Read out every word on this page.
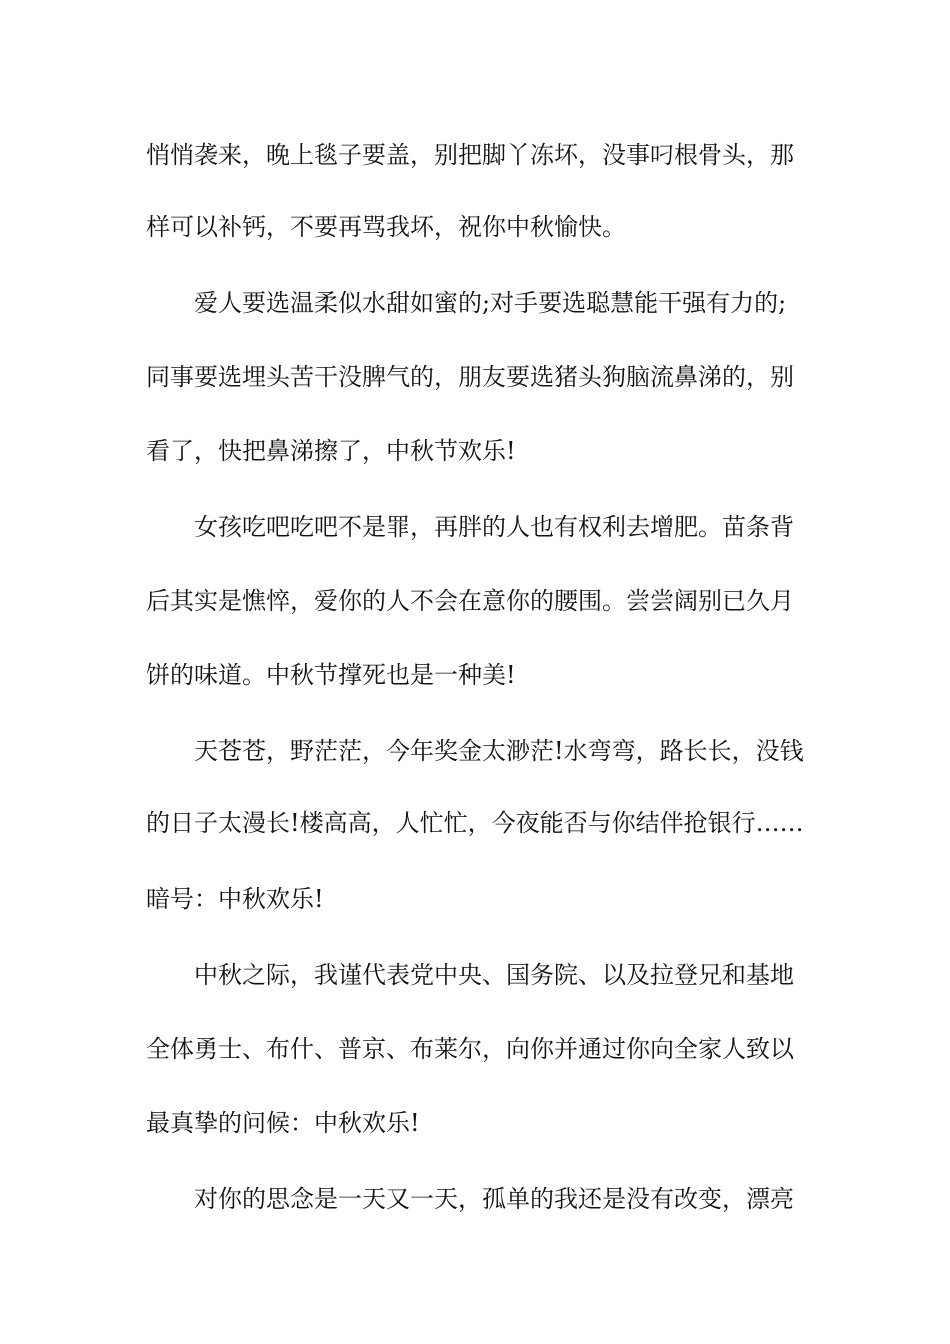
悄悄袭来，晚上毯子要盖，别把脚丫冻坏，没事叼根骨头，那
样可以补钙，不要再骂我坏，祝你中秋愉快。
爱人要选温柔似水甜如蜜的;对手要选聪慧能干强有力的;
同事要选埋头苦干没脾气的，朋友要选猪头狗脑流鼻涕的，别
看了，快把鼻涕擦了，中秋节欢乐!
女孩吃吧吃吧不是罪，再胖的人也有权利去增肥。苗条背
后其实是憔悴，爱你的人不会在意你的腰围。尝尝阔别已久月
饼的味道。中秋节撑死也是一种美!
天苍苍，野茫茫，今年奖金太渺茫!水弯弯，路长长，没钱
的日子太漫长!楼高高，人忙忙，今夜能否与你结伴抢银行……
暗号：中秋欢乐!
中秋之际，我谨代表党中央、国务院、以及拉登兄和基地
全体勇士、布什、普京、布莱尔，向你并通过你向全家人致以
最真挚的问候：中秋欢乐!
对你的思念是一天又一天，孤单的我还是没有改变，漂亮
